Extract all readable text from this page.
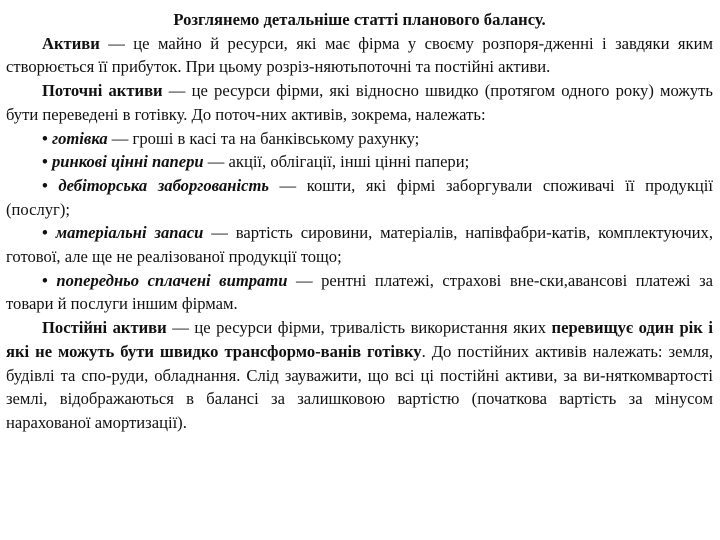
Розглянемо детальніше статті планового балансу.

Активи — це майно й ресурси, які має фірма у своєму розпоря-дженні і завдяки яким створюється її прибуток. При цьому розріз-няютьпоточні та постійні активи.

Поточні активи — це ресурси фірми, які відносно швидко (протягом одного року) можуть бути переведені в готівку. До поточ-них активів, зокрема, належать:

• готівка — гроші в касі та на банківському рахунку;

• ринкові цінні папери — акції, облігації, інші цінні папери;

• дебіторська заборгованість — кошти, які фірмі заборгували споживачі її продукції (послуг);

• матеріальні запаси — вартість сировини, матеріалів, напівфабри-катів, комплектуючих, готової, але ще не реалізованої продукції тощо;

• попередньо сплачені витрати — рентні платежі, страхові вне-ски,авансові платежі за товари й послуги іншим фірмам.

Постійні активи — це ресурси фірми, тривалість використання яких перевищує один рік і які не можуть бути швидко трансформо-ванів готівку. До постійних активів належать: земля, будівлі та спо-руди, обладнання. Слід зауважити, що всі ці постійні активи, за ви-няткомвартості землі, відображаються в балансі за залишковою вартістю (початкова вартість за мінусом нарахованої амортизації).
